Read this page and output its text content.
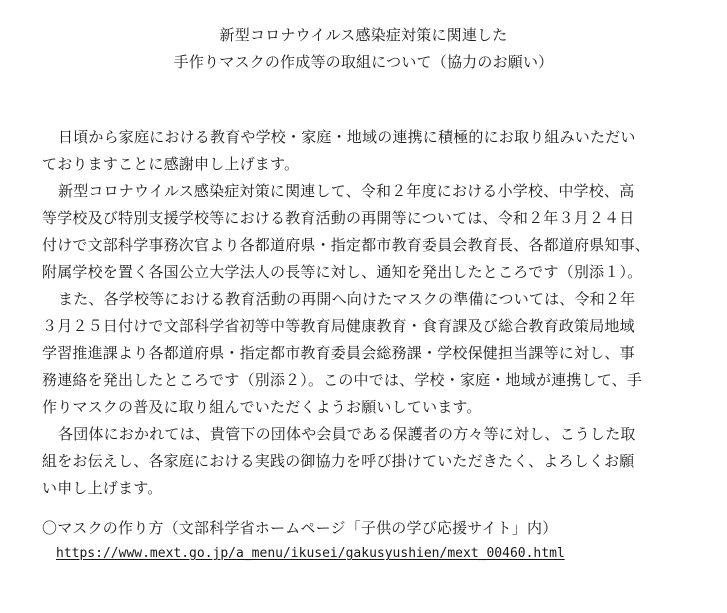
新型コロナウイルス感染症対策に関連した
手作りマスクの作成等の取組について（協力のお願い）
日頃から家庭における教育や学校・家庭・地域の連携に積極的にお取り組みいただい
ておりますことに感謝申し上げます。
新型コロナウイルス感染症対策に関連して、令和２年度における小学校、中学校、高
等学校及び特別支援学校等における教育活動の再開等については、令和２年３月２４日
付けで文部科学事務次官より各都道府県・指定都市教育委員会教育長、各都道府県知事、
附属学校を置く各国公立大学法人の長等に対し、通知を発出したところです（別添１）。
また、各学校等における教育活動の再開へ向けたマスクの準備については、令和２年
３月２５日付けで文部科学省初等中等教育局健康教育・食育課及び総合教育政策局地域
学習推進課より各都道府県・指定都市教育委員会総務課・学校保健担当課等に対し、事
務連絡を発出したところです（別添２）。この中では、学校・家庭・地域が連携して、手
作りマスクの普及に取り組んでいただくようお願いしています。
各団体におかれては、貴管下の団体や会員である保護者の方々等に対し、こうした取
組をお伝えし、各家庭における実践の御協力を呼び掛けていただきたく、よろしくお願
い申し上げます。
〇マスクの作り方（文部科学省ホームページ「子供の学び応援サイト」内）
https://www.mext.go.jp/a_menu/ikusei/gakusyushien/mext_00460.html
